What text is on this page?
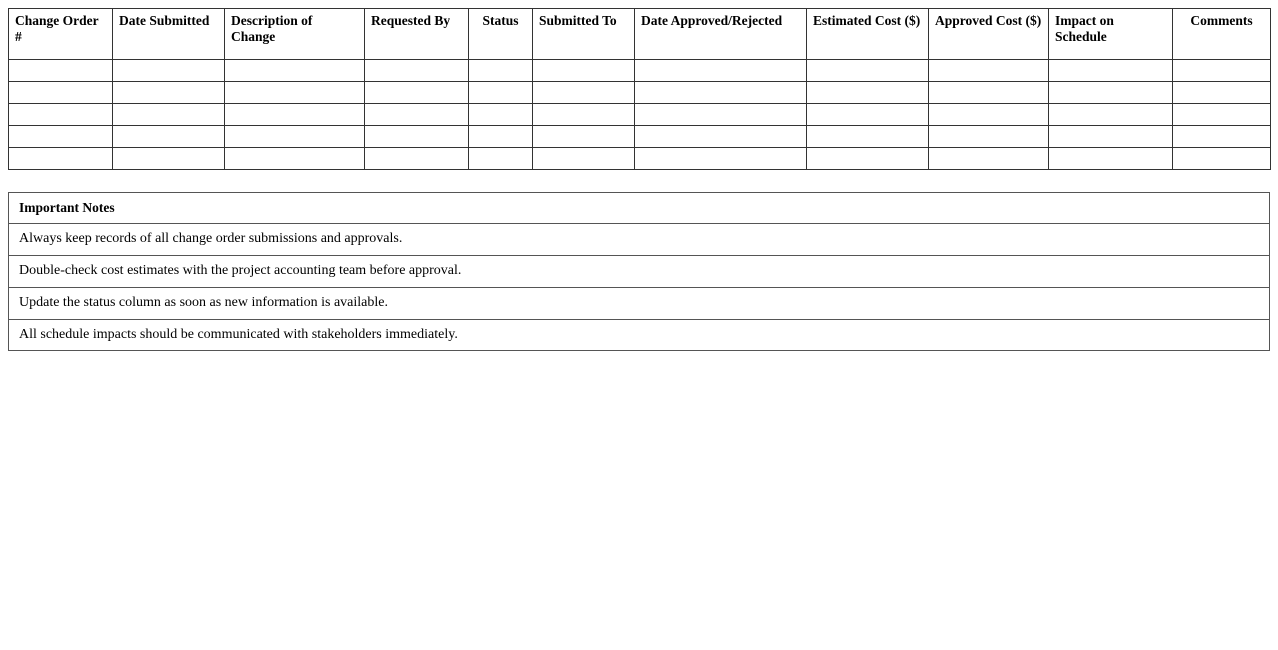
Change Order #	Date Submitted	Description of Change	Requested By	Status	Submitted To	Date Approved/Rejected	Estimated Cost ($)	Approved Cost ($)	Impact on Schedule	Comments

Important Notes
Always keep records of all change order submissions and approvals.
Double-check cost estimates with the project accounting team before approval.
Update the status column as soon as new information is available.
All schedule impacts should be communicated with stakeholders immediately.
